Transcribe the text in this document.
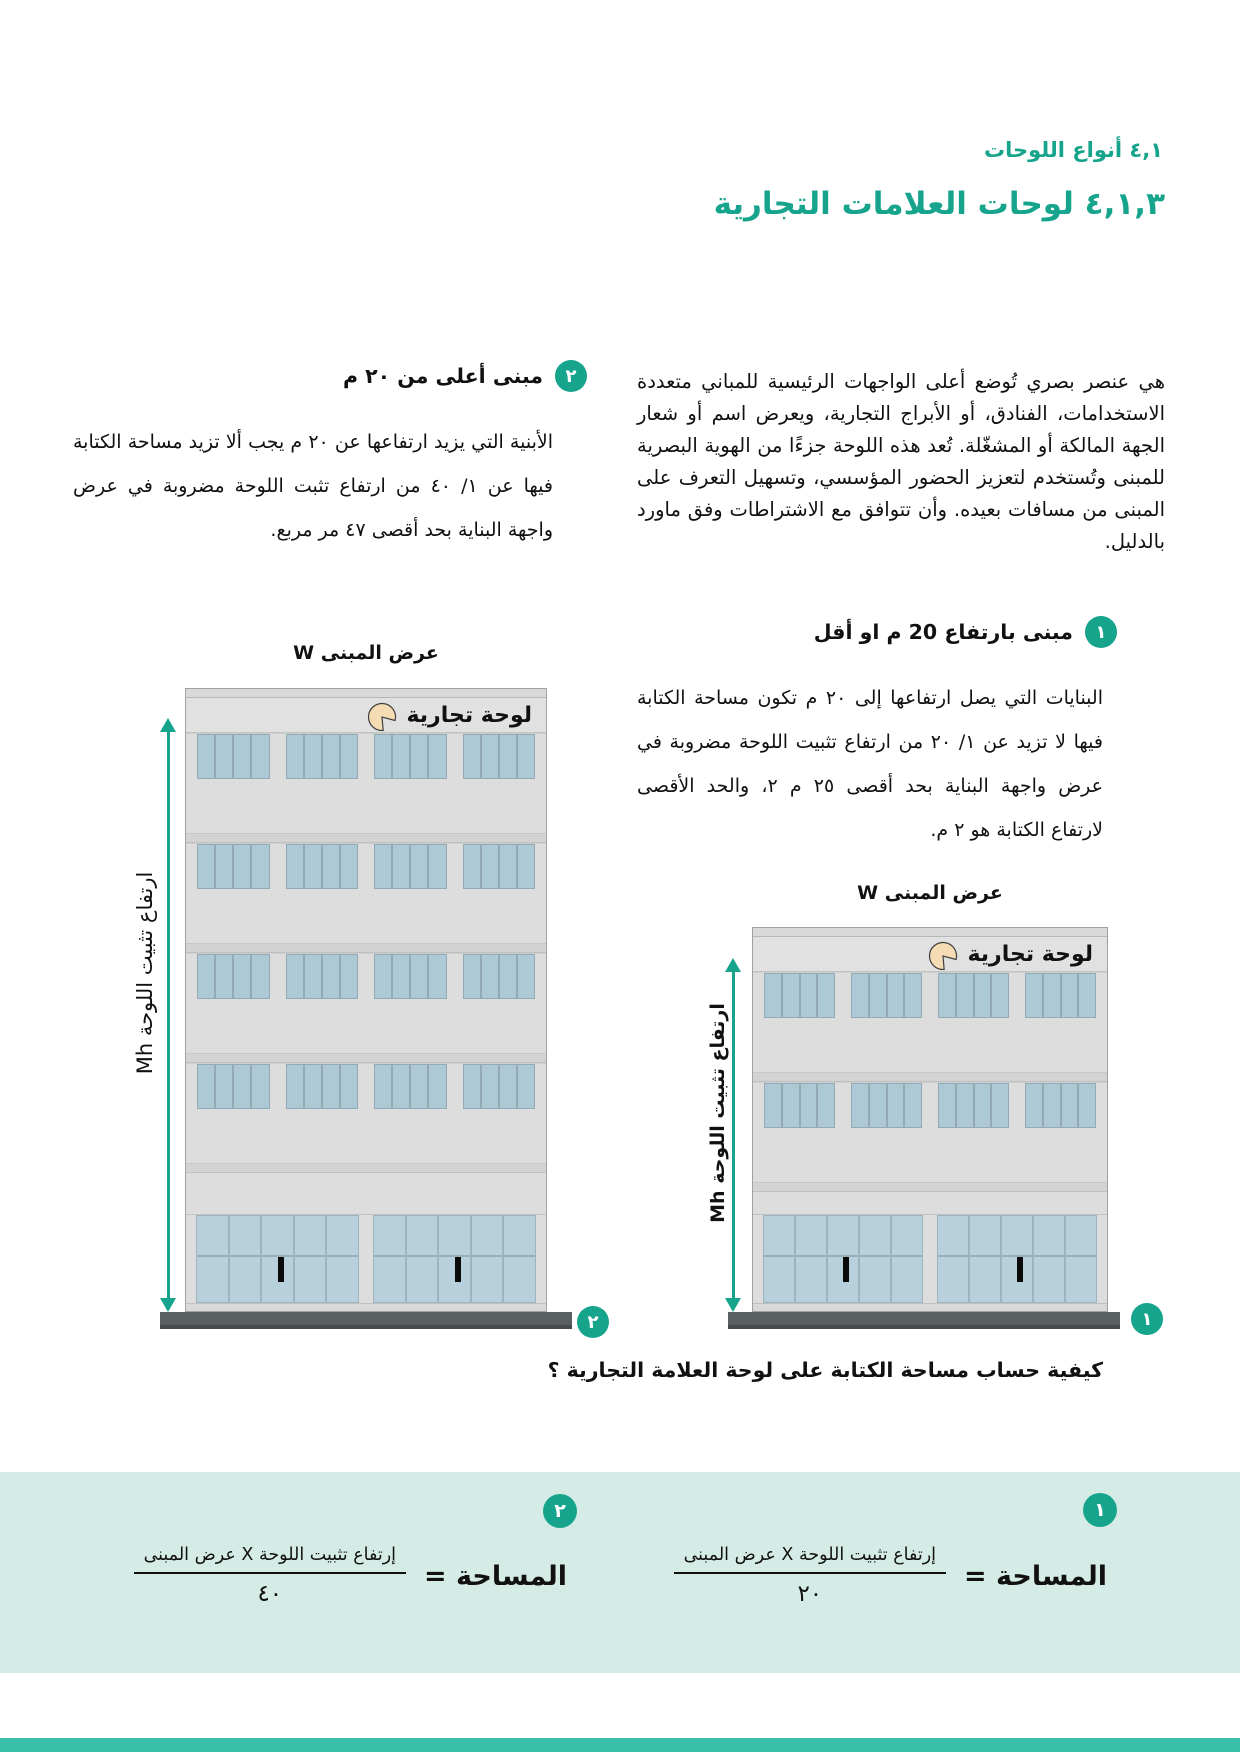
٤,١ أنواع اللوحات
٤,١,٣ لوحات العلامات التجارية
هي عنصر بصري تُوضع أعلى الواجهات الرئيسية للمباني متعددة الاستخدامات، الفنادق، أو الأبراج التجارية، ويعرض اسم أو شعار الجهة المالكة أو المشغّلة. تُعد هذه اللوحة جزءًا من الهوية البصرية للمبنى وتُستخدم لتعزيز الحضور المؤسسي، وتسهيل التعرف على المبنى من مسافات بعيده. وأن تتوافق مع الاشتراطات وفق ماورد بالدليل.
١
مبنى بارتفاع 20 م او أقل
البنايات التي يصل ارتفاعها إلى ٢٠ م تكون مساحة الكتابة فيها لا تزيد عن ١/ ٢٠ من ارتفاع تثبيت اللوحة مضروبة في عرض واجهة البناية بحد أقصى ٢٥ م ٢، والحد الأقصى لارتفاع الكتابة هو ٢ م.
٢
مبنى أعلى من ٢٠ م
الأبنية التي يزيد ارتفاعها عن ٢٠ م يجب ألا تزيد مساحة الكتابة فيها عن ١/ ٤٠ من ارتفاع تثبت اللوحة مضروبة في عرض واجهة البناية بحد أقصى ٤٧ مر مربع.
عرض المبنى W
لوحة تجارية
ارتفاع تثبيت اللوحة Mh
٢
عرض المبنى W
لوحة تجارية
ارتفاع تثبيت اللوحة Mh
١
كيفية حساب مساحة الكتابة على لوحة العلامة التجارية ؟
١
المساحة =
$\frac{\text{إرتفاع تثبيت اللوحة X عرض المبنى}}{٢٠}$
٢
المساحة =
$\frac{\text{إرتفاع تثبيت اللوحة X عرض المبنى}}{٤٠}$
